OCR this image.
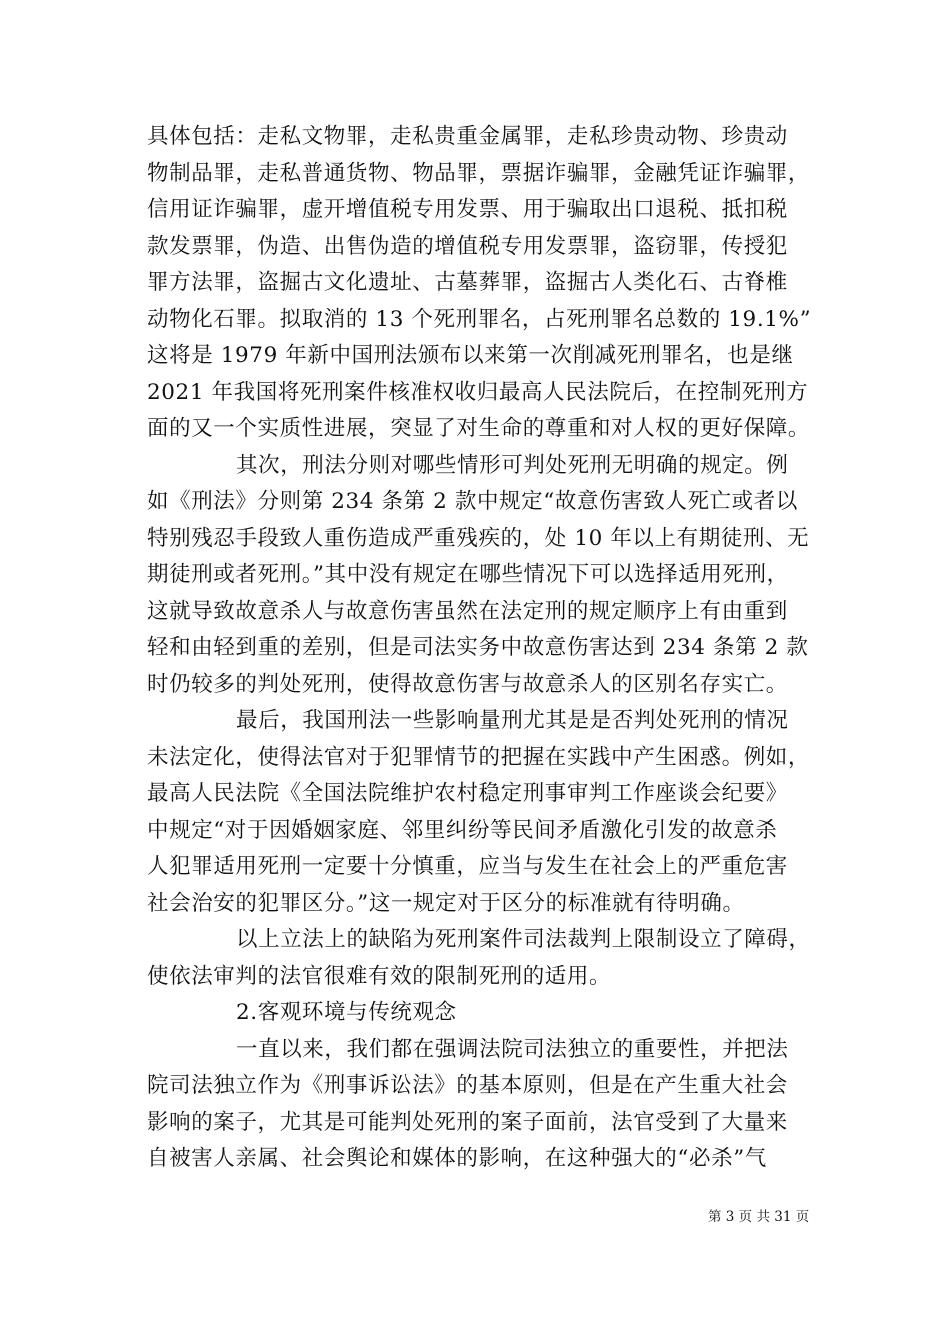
具体包括：走私文物罪，走私贵重金属罪，走私珍贵动物、珍贵动
物制品罪，走私普通货物、物品罪，票据诈骗罪，金融凭证诈骗罪，
信用证诈骗罪，虚开增值税专用发票、用于骗取出口退税、抵扣税
款发票罪，伪造、出售伪造的增值税专用发票罪，盗窃罪，传授犯
罪方法罪，盗掘古文化遗址、古墓葬罪，盗掘古人类化石、古脊椎
动物化石罪。拟取消的 13 个死刑罪名，占死刑罪名总数的 19.1%”
这将是 1979 年新中国刑法颁布以来第一次削减死刑罪名，也是继
2021 年我国将死刑案件核准权收归最高人民法院后，在控制死刑方
面的又一个实质性进展，突显了对生命的尊重和对人权的更好保障。
其次，刑法分则对哪些情形可判处死刑无明确的规定。例
如《刑法》分则第 234 条第 2 款中规定“故意伤害致人死亡或者以
特别残忍手段致人重伤造成严重残疾的，处 10 年以上有期徒刑、无
期徒刑或者死刑。”其中没有规定在哪些情况下可以选择适用死刑，
这就导致故意杀人与故意伤害虽然在法定刑的规定顺序上有由重到
轻和由轻到重的差别，但是司法实务中故意伤害达到 234 条第 2 款
时仍较多的判处死刑，使得故意伤害与故意杀人的区别名存实亡。
最后，我国刑法一些影响量刑尤其是是否判处死刑的情况
未法定化，使得法官对于犯罪情节的把握在实践中产生困惑。例如，
最高人民法院《全国法院维护农村稳定刑事审判工作座谈会纪要》
中规定“对于因婚姻家庭、邻里纠纷等民间矛盾激化引发的故意杀
人犯罪适用死刑一定要十分慎重，应当与发生在社会上的严重危害
社会治安的犯罪区分。”这一规定对于区分的标准就有待明确。
以上立法上的缺陷为死刑案件司法裁判上限制设立了障碍，
使依法审判的法官很难有效的限制死刑的适用。
2.客观环境与传统观念
一直以来，我们都在强调法院司法独立的重要性，并把法
院司法独立作为《刑事诉讼法》的基本原则，但是在产生重大社会
影响的案子，尤其是可能判处死刑的案子面前，法官受到了大量来
自被害人亲属、社会舆论和媒体的影响，在这种强大的“必杀”气
第 3 页 共 31 页
